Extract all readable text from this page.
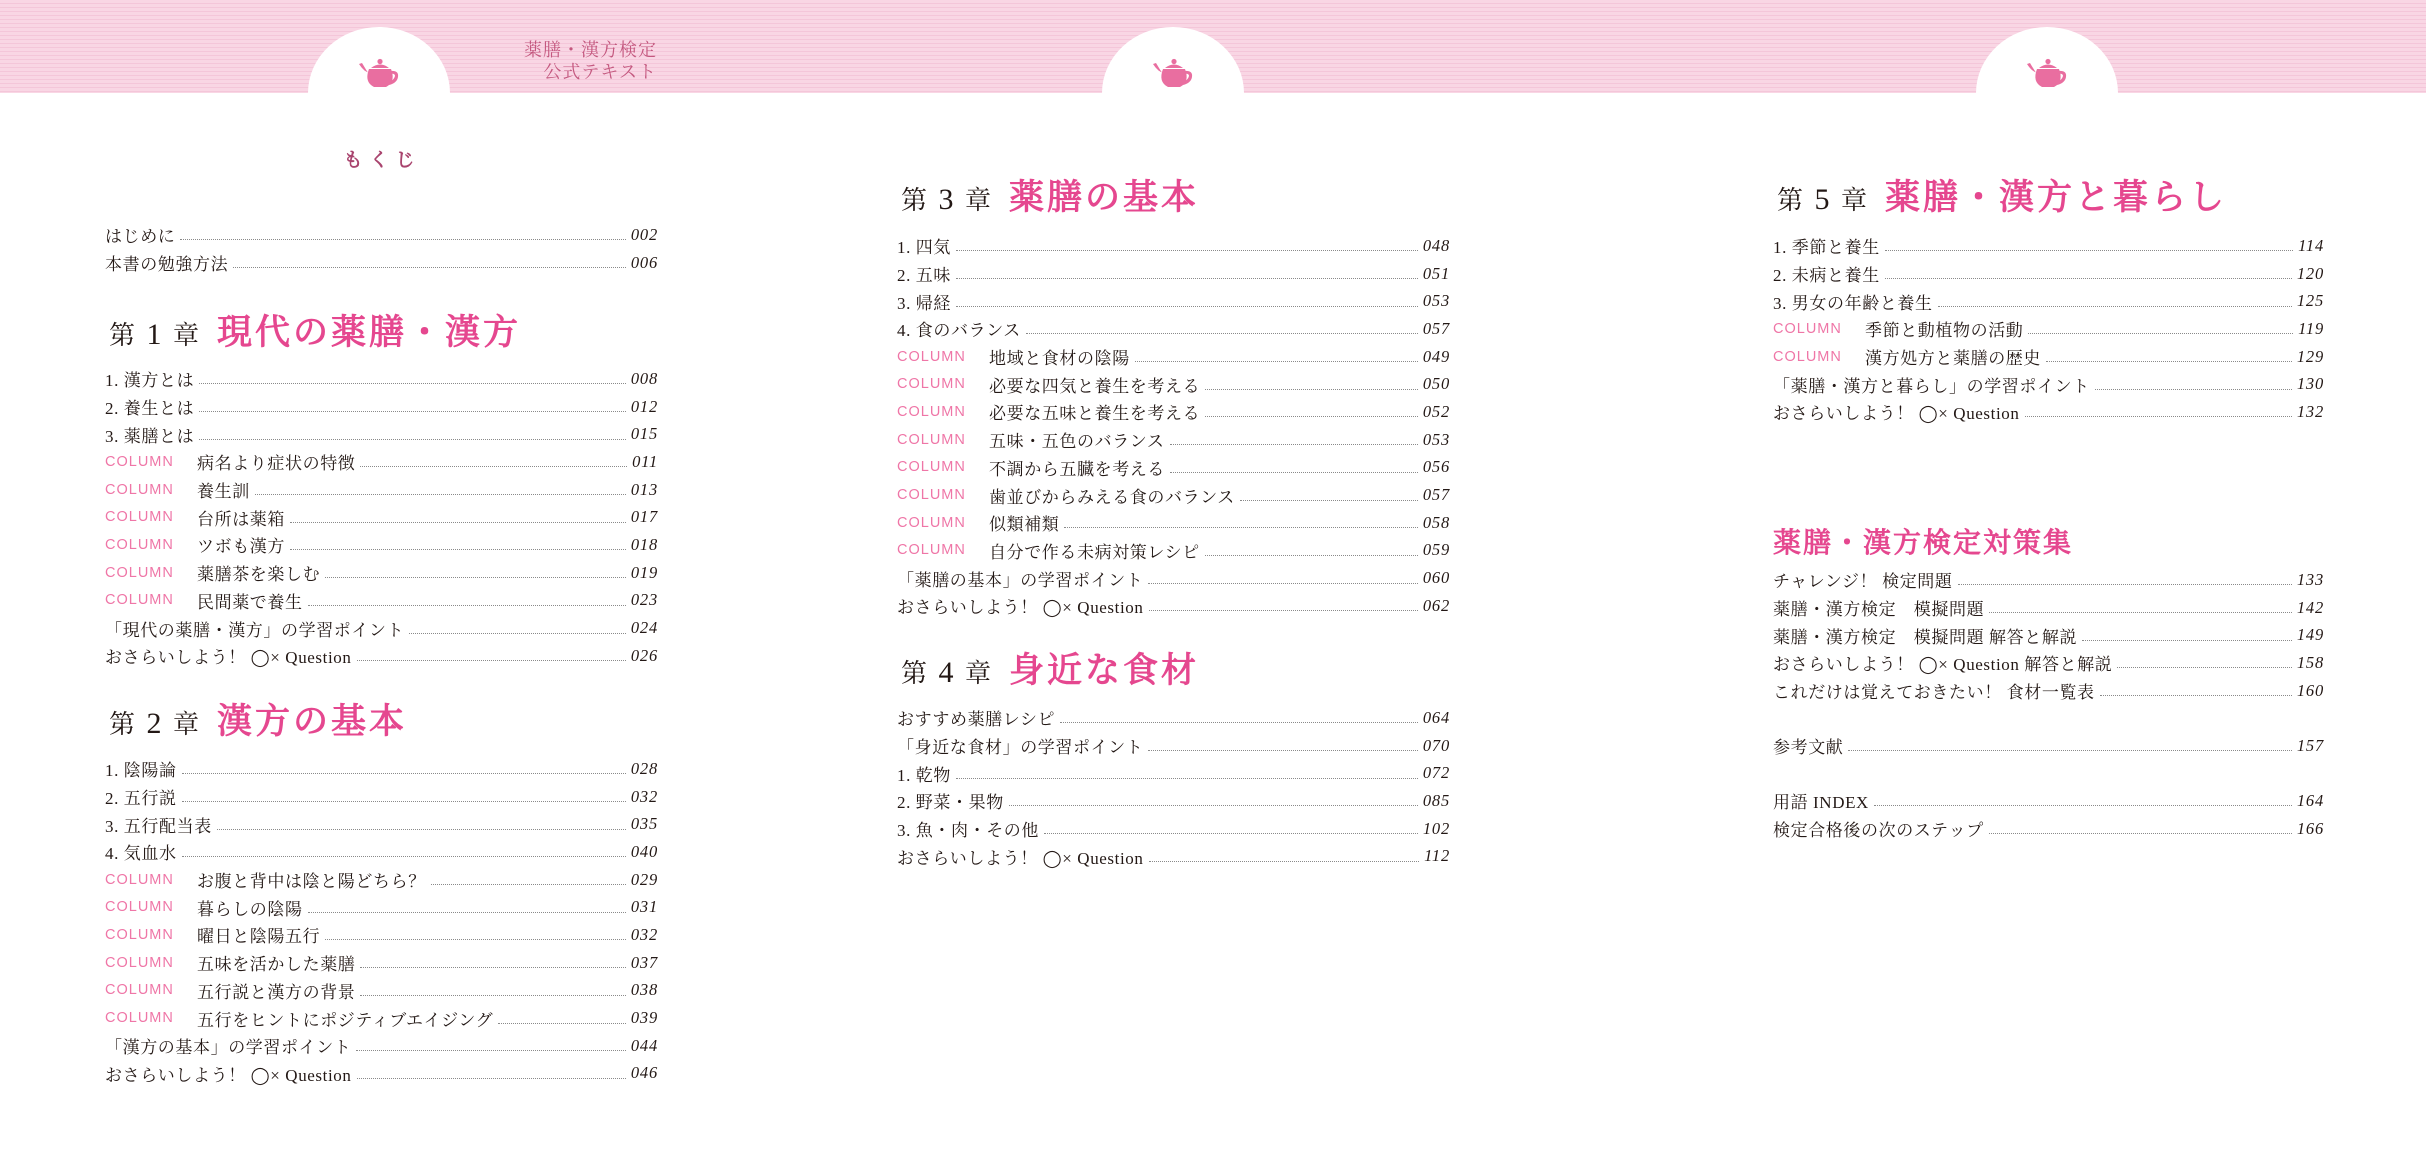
薬膳・漢方検定
公式テキスト
はじめに	002
本書の勉強方法	006
第 1 章 現代の薬膳・漢方
1. 漢方とは	008
2. 養生とは	012
3. 薬膳とは	015
COLUMN	病名より症状の特徴	011
COLUMN	養生訓	013
COLUMN	台所は薬箱	017
COLUMN	ツボも漢方	018
COLUMN	薬膳茶を楽しむ	019
COLUMN	民間薬で養生	023
「現代の薬膳・漢方」の学習ポイント	024
おさらいしよう！ ◯× Question	026
第 2 章 漢方の基本
1. 陰陽論	028
2. 五行説	032
3. 五行配当表	035
4. 気血水	040
COLUMN	お腹と背中は陰と陽どちら？	029
COLUMN	暮らしの陰陽	031
COLUMN	曜日と陰陽五行	032
COLUMN	五味を活かした薬膳	037
COLUMN	五行説と漢方の背景	038
COLUMN	五行をヒントにポジティブエイジング	039
「漢方の基本」の学習ポイント	044
おさらいしよう！ ◯× Question	046
もくじ
第 3 章 薬膳の基本
1. 四気	048
2. 五味	051
3. 帰経	053
4. 食のバランス	057
COLUMN	地域と食材の陰陽	049
COLUMN	必要な四気と養生を考える	050
COLUMN	必要な五味と養生を考える	052
COLUMN	五味・五色のバランス	053
COLUMN	不調から五臓を考える	056
COLUMN	歯並びからみえる食のバランス	057
COLUMN	似類補類	058
COLUMN	自分で作る未病対策レシピ	059
「薬膳の基本」の学習ポイント	060
おさらいしよう！ ◯× Question	062
第 4 章 身近な食材
おすすめ薬膳レシピ	064
「身近な食材」の学習ポイント	070
1. 乾物	072
2. 野菜・果物	085
3. 魚・肉・その他	102
おさらいしよう！ ◯× Question	112
第 5 章 薬膳・漢方と暮らし
1. 季節と養生	114
2. 未病と養生	120
3. 男女の年齢と養生	125
COLUMN	季節と動植物の活動	119
COLUMN	漢方処方と薬膳の歴史	129
「薬膳・漢方と暮らし」の学習ポイント	130
おさらいしよう！ ◯× Question	132
薬膳・漢方検定対策集
チャレンジ！ 検定問題	133
薬膳・漢方検定　模擬問題	142
薬膳・漢方検定　模擬問題 解答と解説	149
おさらいしよう！ ◯× Question 解答と解説	158
これだけは覚えておきたい！ 食材一覧表	160
参考文献	157
用語 INDEX	164
検定合格後の次のステップ	166
